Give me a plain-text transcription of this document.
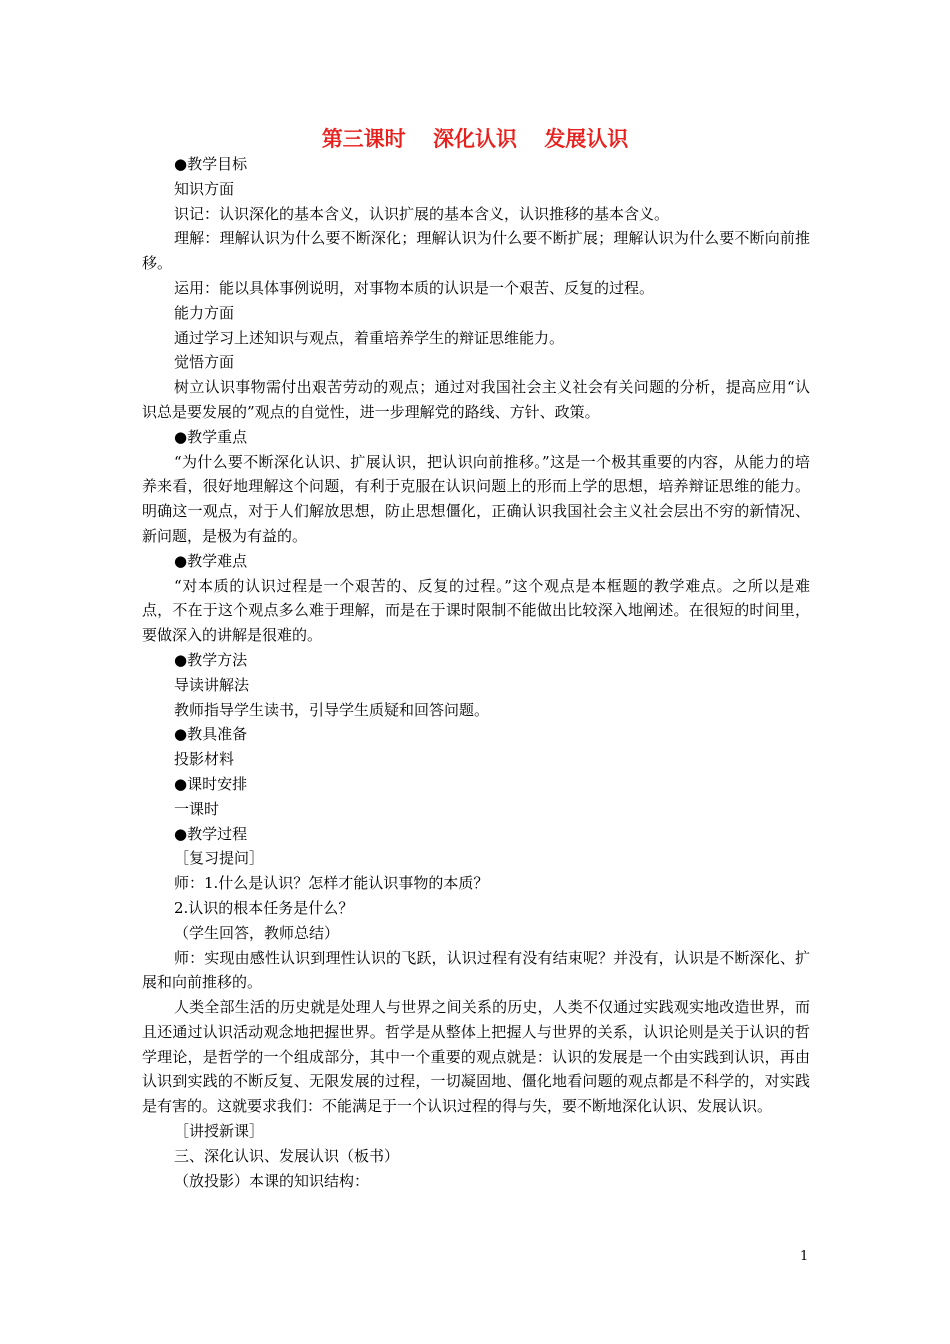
第三课时 深化认识 发展认识

●教学目标

知识方面

识记：认识深化的基本含义，认识扩展的基本含义，认识推移的基本含义。

理解：理解认识为什么要不断深化；理解认识为什么要不断扩展；理解认识为什么要不断向前推移。

运用：能以具体事例说明，对事物本质的认识是一个艰苦、反复的过程。

能力方面

通过学习上述知识与观点，着重培养学生的辩证思维能力。

觉悟方面

树立认识事物需付出艰苦劳动的观点；通过对我国社会主义社会有关问题的分析，提高应用“认识总是要发展的”观点的自觉性，进一步理解党的路线、方针、政策。

●教学重点

“为什么要不断深化认识、扩展认识，把认识向前推移。”这是一个极其重要的内容，从能力的培养来看，很好地理解这个问题，有利于克服在认识问题上的形而上学的思想，培养辩证思维的能力。明确这一观点，对于人们解放思想，防止思想僵化，正确认识我国社会主义社会层出不穷的新情况、新问题，是极为有益的。

●教学难点

“对本质的认识过程是一个艰苦的、反复的过程。”这个观点是本框题的教学难点。之所以是难点，不在于这个观点多么难于理解，而是在于课时限制不能做出比较深入地阐述。在很短的时间里，要做深入的讲解是很难的。

●教学方法

导读讲解法

教师指导学生读书，引导学生质疑和回答问题。

●教具准备

投影材料

●课时安排

一课时

●教学过程

［复习提问］

师：1.什么是认识？怎样才能认识事物的本质？

2.认识的根本任务是什么？

（学生回答，教师总结）

师：实现由感性认识到理性认识的飞跃，认识过程有没有结束呢？并没有，认识是不断深化、扩展和向前推移的。

人类全部生活的历史就是处理人与世界之间关系的历史，人类不仅通过实践观实地改造世界，而且还通过认识活动观念地把握世界。哲学是从整体上把握人与世界的关系，认识论则是关于认识的哲学理论，是哲学的一个组成部分，其中一个重要的观点就是：认识的发展是一个由实践到认识，再由认识到实践的不断反复、无限发展的过程，一切凝固地、僵化地看问题的观点都是不科学的，对实践是有害的。这就要求我们：不能满足于一个认识过程的得与失，要不断地深化认识、发展认识。

［讲授新课］

三、深化认识、发展认识（板书）

（放投影）本课的知识结构：

1
